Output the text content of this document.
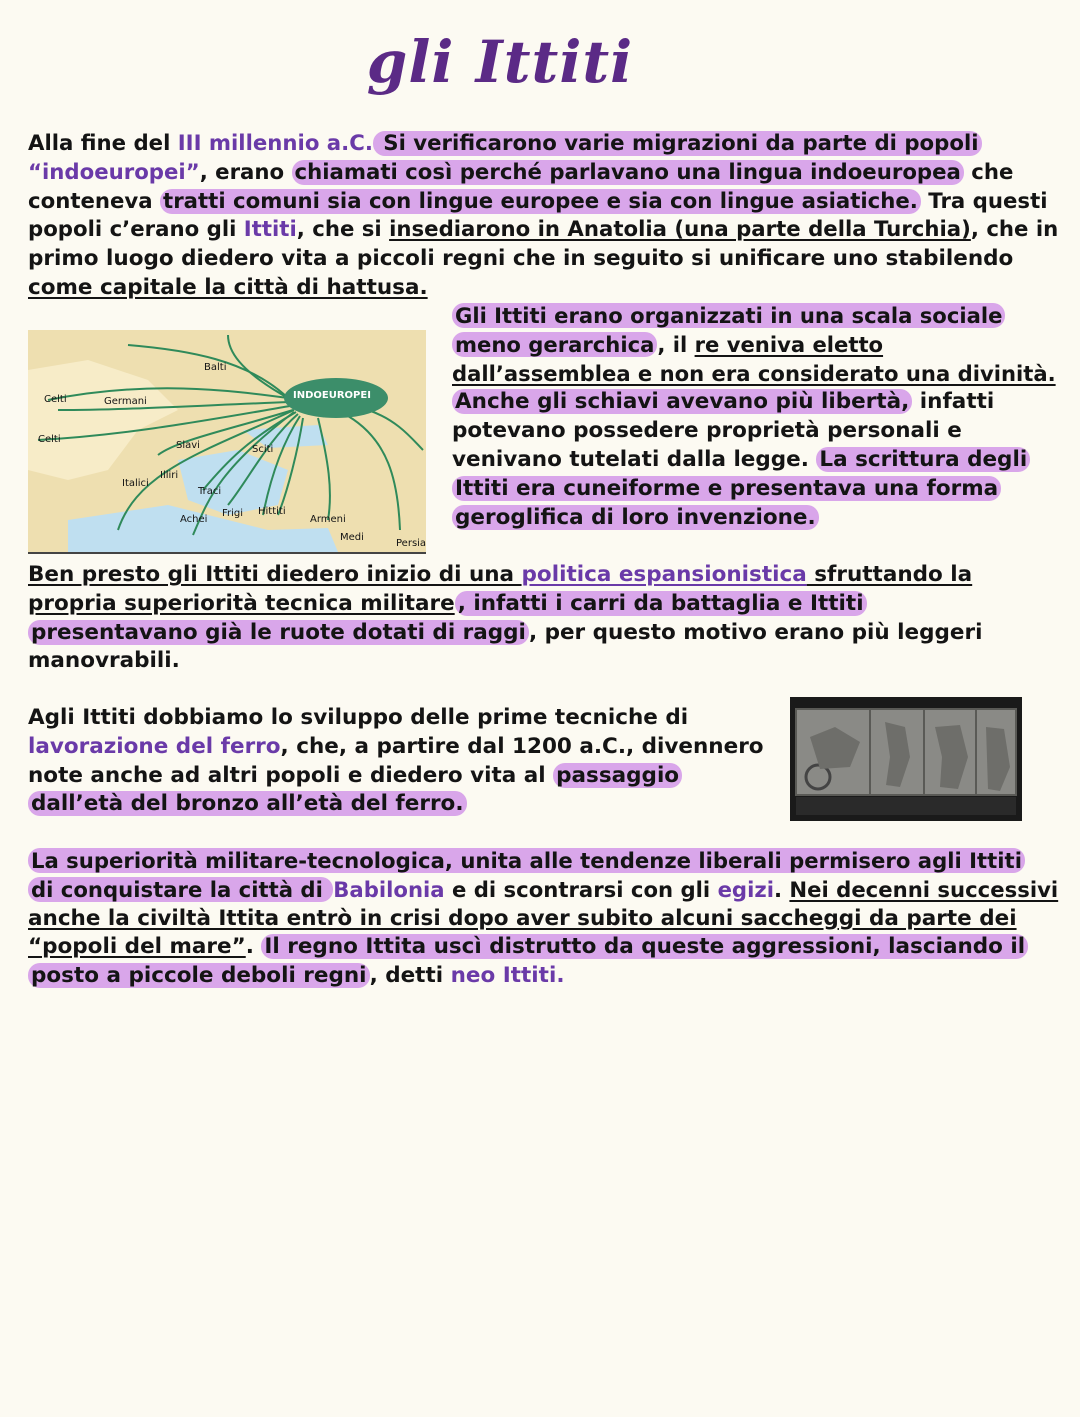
gli Ittiti
Alla fine del III millennio a.C. Si verificarono varie migrazioni da parte di popoli
“indoeuropei”, erano chiamati così perché parlavano una lingua indoeuropea che
conteneva tratti comuni sia con lingue europee e sia con lingue asiatiche. Tra questi
popoli c’erano gli Ittiti, che si insediarono in Anatolia (una parte della Turchia), che in
primo luogo diedero vita a piccoli regni che in seguito si unificare uno stabilendo
come capitale la città di hattusa.
INDOEUROPEI
Balti
Celti	Germani
Celti
Slavi	Sciti
Illiri
Italici
Traci
Achei
Frigi Hittiti
Armeni
Medi
Persia
Gli Ittiti erano organizzati in una scala sociale
meno gerarchica , il re veniva eletto
dall’assemblea e non era considerato una divinità.
Anche gli schiavi avevano più libertà, infatti
potevano possedere proprietà personali e
venivano tutelati dalla legge. La scrittura degli
Ittiti era cuneiforme e presentava una forma
geroglifica di loro invenzione.
Ben presto gli Ittiti diedero inizio di una politica espansionistica sfruttando la
propria superiorità tecnica militare , infatti i carri da battaglia e Ittiti
presentavano già le ruote dotati di raggi , per questo motivo erano più leggeri
manovrabili.
Agli Ittiti dobbiamo lo sviluppo delle prime tecniche di
lavorazione del ferro, che, a partire dal 1200 a.C., divennero
note anche ad altri popoli e diedero vita al passaggio
dall’età del bronzo all’età del ferro.
La superiorità militare-tecnologica, unita alle tendenze liberali permisero agli Ittiti
di conquistare la città di Babilonia e di scontrarsi con gli egizi. Nei decenni successivi
anche la civiltà Ittita entrò in crisi dopo aver subito alcuni saccheggi da parte dei
“popoli del mare”. Il regno Ittita uscì distrutto da queste aggressioni, lasciando il
posto a piccole deboli regni , detti neo Ittiti.
